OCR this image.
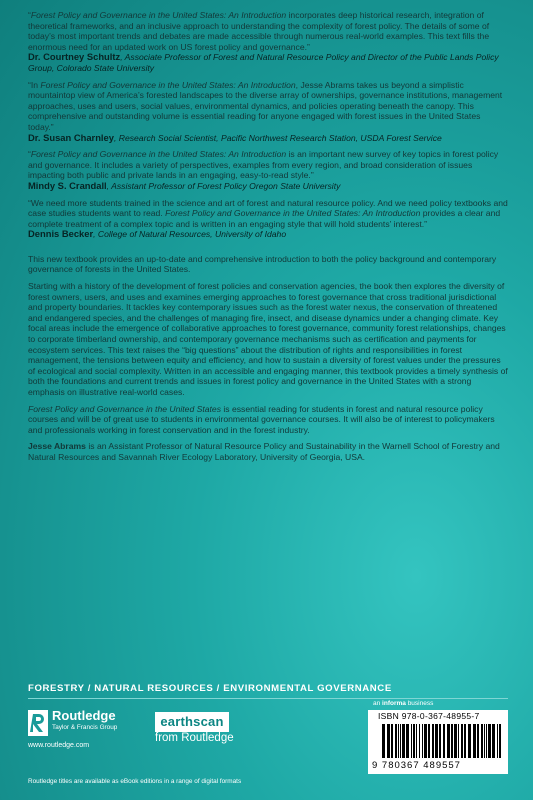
“Forest Policy and Governance in the United States: An Introduction incorporates deep historical research, integration of theoretical frameworks, and an inclusive approach to understanding the complexity of forest policy. The details of some of today’s most important trends and debates are made accessible through numerous real-world examples. This text fills the enormous need for an updated work on US forest policy and governance.”

Dr. Courtney Schultz, Associate Professor of Forest and Natural Resource Policy and Director of the Public Lands Policy Group, Colorado State University

“In Forest Policy and Governance in the United States: An Introduction, Jesse Abrams takes us beyond a simplistic mountaintop view of America’s forested landscapes to the diverse array of ownerships, governance institutions, management approaches, uses and users, social values, environmental dynamics, and policies operating beneath the canopy. This comprehensive and outstanding volume is essential reading for anyone engaged with forest issues in the United States today.”

Dr. Susan Charnley, Research Social Scientist, Pacific Northwest Research Station, USDA Forest Service

“Forest Policy and Governance in the United States: An Introduction is an important new survey of key topics in forest policy and governance. It includes a variety of perspectives, examples from every region, and broad consideration of issues impacting both public and private lands in an engaging, easy-to-read style.”

Mindy S. Crandall, Assistant Professor of Forest Policy Oregon State University

“We need more students trained in the science and art of forest and natural resource policy. And we need policy textbooks and case studies students want to read. Forest Policy and Governance in the United States: An Introduction provides a clear and complete treatment of a complex topic and is written in an engaging style that will hold students’ interest.”

Dennis Becker, College of Natural Resources, University of Idaho

This new textbook provides an up-to-date and comprehensive introduction to both the policy background and contemporary governance of forests in the United States.

Starting with a history of the development of forest policies and conservation agencies, the book then explores the diversity of forest owners, users, and uses and examines emerging approaches to forest governance that cross traditional jurisdictional and property boundaries. It tackles key contemporary issues such as the forest water nexus, the conservation of threatened and endangered species, and the challenges of managing fire, insect, and disease dynamics under a changing climate. Key focal areas include the emergence of collaborative approaches to forest governance, community forest relationships, changes to corporate timberland ownership, and contemporary governance mechanisms such as certification and payments for ecosystem services. This text raises the “big questions” about the distribution of rights and responsibilities in forest management, the tensions between equity and efficiency, and how to sustain a diversity of forest values under the pressures of ecological and social complexity. Written in an accessible and engaging manner, this textbook provides a timely synthesis of both the foundations and current trends and issues in forest policy and governance in the United States with a strong emphasis on illustrative real-world cases.

Forest Policy and Governance in the United States is essential reading for students in forest and natural resource policy courses and will be of great use to students in environmental governance courses. It will also be of interest to policymakers and professionals working in forest conservation and in the forest industry.

Jesse Abrams is an Assistant Professor of Natural Resource Policy and Sustainability in the Warnell School of Forestry and Natural Resources and Savannah River Ecology Laboratory, University of Georgia, USA.

FORESTRY / NATURAL RESOURCES / ENVIRONMENTAL GOVERNANCE
an informa business
Routledge
Taylor & Francis Group
www.routledge.com
earthscan
from Routledge
ISBN 978-0-367-48955-7
9 780367 489557
Routledge titles are available as eBook editions in a range of digital formats
